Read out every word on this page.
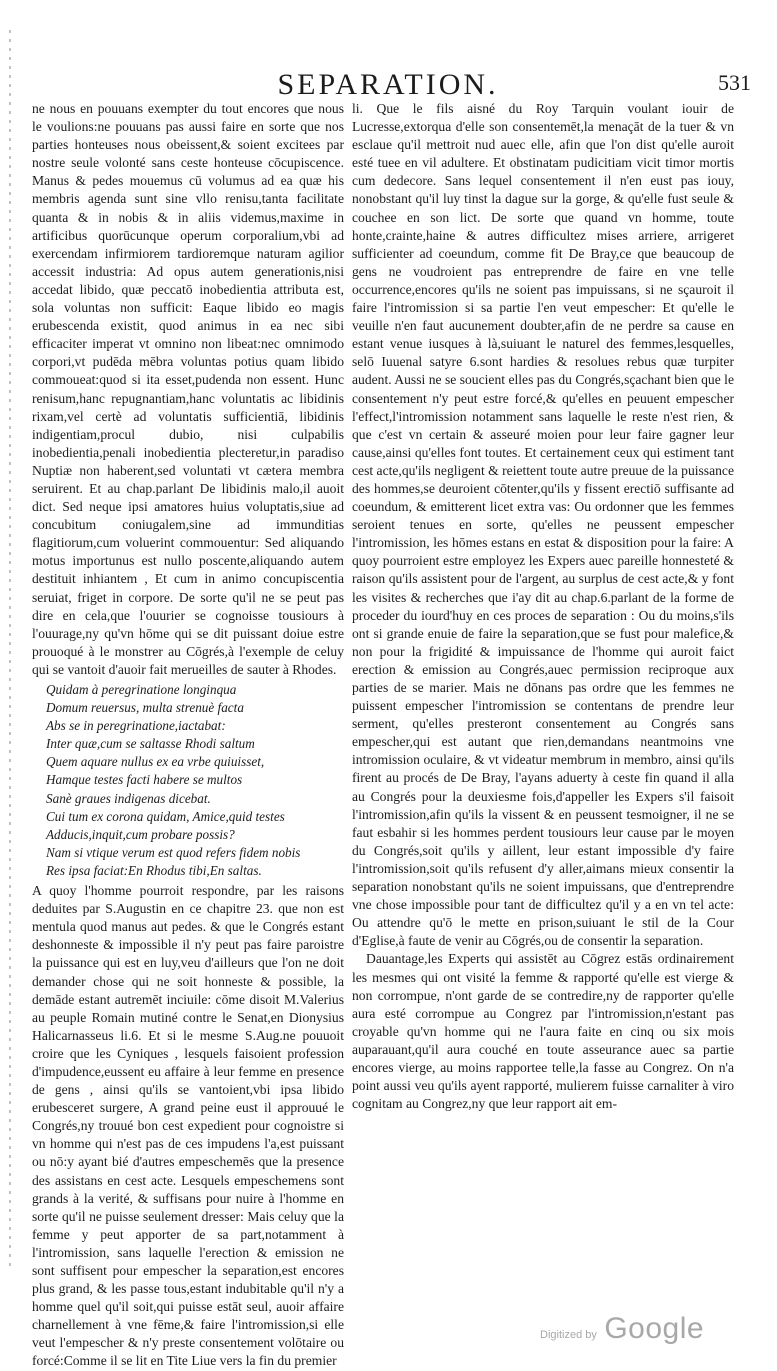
SEPARATION.	531

ne nous en pouuans exempter du tout encores que nous le voulions:ne pouuans pas aussi faire en sorte que nos parties honteuses nous obeissent,& soient excitees par nostre seule volonté sans ceste honteuse cōcupiscence. Manus & pedes mouemus cū volumus ad ea quæ his membris agenda sunt sine vllo renisu,tanta facilitate quanta & in nobis & in aliis videmus,maxime in artificibus quorūcunque operum corporalium,vbi ad exercendam infirmiorem tardioremque naturam agilior accessit industria: Ad opus autem generationis,nisi accedat libido, quæ peccatō inobedientia attributa est, sola voluntas non sufficit: Eaque libido eo magis erubescenda existit, quod animus in ea nec sibi efficaciter imperat vt omnino non libeat:nec omnimodo corpori,vt pudēda mēbra voluntas potius quam libido commoueat:quod si ita esset,pudenda non essent. Hunc renisum,hanc repugnantiam,hanc voluntatis ac libidinis rixam,vel certè ad voluntatis sufficientiā, libidinis indigentiam,procul dubio, nisi culpabilis inobedientia,penali inobedientia plecteretur,in paradiso Nuptiæ non haberent,sed voluntati vt cætera membra seruirent. Et au chap.parlant De libidinis malo,il auoit dict. Sed neque ipsi amatores huius voluptatis,siue ad concubitum coniugalem,sine ad immunditias flagitiorum,cum voluerint commouentur: Sed aliquando motus importunus est nullo poscente,aliquando autem destituit inhiantem , Et cum in animo concupiscentia seruiat, friget in corpore. De sorte qu'il ne se peut pas dire en cela,que l'ouurier se cognoisse tousiours à l'ouurage,ny qu'vn hōme qui se dit puissant doiue estre prouoqué à le monstrer au Cōgrés,à l'exemple de celuy qui se vantoit d'auoir fait merueilles de sauter à Rhodes.

Quidam à peregrinatione longinqua
Domum reuersus, multa strenuè facta
Abs se in peregrinatione,iactabat:
Inter quæ,cum se saltasse Rhodi saltum
Quem aquare nullus ex ea vrbe quiuisset,
Hamque testes facti habere se multos
Sanè graues indigenas dicebat.
Cui tum ex corona quidam, Amice,quid testes
Adducis,inquit,cum probare possis?
Nam si vtique verum est quod refers fidem nobis
Res ipsa faciat:En Rhodus tibi,En saltas.

A quoy l'homme pourroit respondre, par les raisons deduites par S.Augustin en ce chapitre 23. que non est mentula quod manus aut pedes. & que le Congrés estant deshonneste & impossible il n'y peut pas faire paroistre la puissance qui est en luy,veu d'ailleurs que l'on ne doit demander chose qui ne soit honneste & possible, la demāde estant autremēt inciuile: cōme disoit M.Valerius au peuple Romain mutiné contre le Senat,en Dionysius Halicarnasseus li.6. Et si le mesme S.Aug.ne pouuoit croire que les Cyniques , lesquels faisoient profession d'impudence,eussent eu affaire à leur femme en presence de gens , ainsi qu'ils se vantoient,vbi ipsa libido erubesceret surgere, A grand peine eust il approuué le Congrés,ny trouué bon cest expedient pour cognoistre si vn homme qui n'est pas de ces impudens l'a,est puissant ou nō:y ayant bié d'autres empeschemēs que la presence des assistans en cest acte. Lesquels empeschemens sont grands à la verité, & suffisans pour nuire à l'homme en sorte qu'il ne puisse seulement dresser: Mais celuy que la femme y peut apporter de sa part,notamment à l'intromission, sans laquelle l'erection & emission ne sont suffisent pour empescher la separation,est encores plus grand, & les passe tous,estant indubitable qu'il n'y a homme quel qu'il soit,qui puisse estāt seul, auoir affaire charnellement à vne fēme,& faire l'intromission,si elle veut l'empescher & n'y preste consentement volōtaire ou forcé:Comme il se lit en Tite Liue vers la fin du premier

li. Que le fils aisné du Roy Tarquin voulant iouir de Lucresse,extorqua d'elle son consentemēt,la menaçāt de la tuer & vn esclaue qu'il mettroit nud auec elle, afin que l'on dist qu'elle auroit esté tuee en vil adultere. Et obstinatam pudicitiam vicit timor mortis cum dedecore. Sans lequel consentement il n'en eust pas iouy, nonobstant qu'il luy tinst la dague sur la gorge, & qu'elle fust seule & couchee en son lict. De sorte que quand vn homme, toute honte,crainte,haine & autres difficultez mises arriere, arrigeret sufficienter ad coeundum, comme fit De Bray,ce que beaucoup de gens ne voudroient pas entreprendre de faire en vne telle occurrence,encores qu'ils ne soient pas impuissans, si ne sçauroit il faire l'intromission si sa partie l'en veut empescher: Et qu'elle le veuille n'en faut aucunement doubter,afin de ne perdre sa cause en estant venue iusques à là,suiuant le naturel des femmes,lesquelles, selō Iuuenal satyre 6.sont hardies & resolues rebus quæ turpiter audent. Aussi ne se soucient elles pas du Congrés,sçachant bien que le consentement n'y peut estre forcé,& qu'elles en peuuent empescher l'effect,l'intromission notamment sans laquelle le reste n'est rien, & que c'est vn certain & asseuré moien pour leur faire gagner leur cause,ainsi qu'elles font toutes. Et certainement ceux qui estiment tant cest acte,qu'ils negligent & reiettent toute autre preuue de la puissance des hommes,se deuroient cōtenter,qu'ils y fissent erectiō suffisante ad coeundum, & emitterent licet extra vas: Ou ordonner que les femmes seroient tenues en sorte, qu'elles ne peussent empescher l'intromission, les hōmes estans en estat & disposition pour la faire: A quoy pourroient estre employez les Expers auec pareille honnesteté & raison qu'ils assistent pour de l'argent, au surplus de cest acte,& y font les visites & recherches que i'ay dit au chap.6.parlant de la forme de proceder du iourd'huy en ces proces de separation : Ou du moins,s'ils ont si grande enuie de faire la separation,que se fust pour malefice,& non pour la frigidité & impuissance de l'homme qui auroit faict erection & emission au Congrés,auec permission reciproque aux parties de se marier. Mais ne dōnans pas ordre que les femmes ne puissent empescher l'intromission se contentans de prendre leur serment, qu'elles presteront consentement au Congrés sans empescher,qui est autant que rien,demandans neantmoins vne intromission oculaire, & vt videatur membrum in membro, ainsi qu'ils firent au procés de De Bray, l'ayans aduerty à ceste fin quand il alla au Congrés pour la deuxiesme fois,d'appeller les Expers s'il faisoit l'intromission,afin qu'ils la vissent & en peussent tesmoigner, il ne se faut esbahir si les hommes perdent tousiours leur cause par le moyen du Congrés,soit qu'ils y aillent, leur estant impossible d'y faire l'intromission,soit qu'ils refusent d'y aller,aimans mieux consentir la separation nonobstant qu'ils ne soient impuissans, que d'entreprendre vne chose impossible pour tant de difficultez qu'il y a en vn tel acte: Ou attendre qu'ō le mette en prison,suiuant le stil de la Cour d'Eglise,à faute de venir au Cōgrés,ou de consentir la separation.

Dauantage,les Experts qui assistēt au Cōgrez estās ordinairement les mesmes qui ont visité la femme & rapporté qu'elle est vierge & non corrompue, n'ont garde de se contredire,ny de rapporter qu'elle aura esté corrompue au Congrez par l'intromission,n'estant pas croyable qu'vn homme qui ne l'aura faite en cinq ou six mois auparauant,qu'il aura couché en toute asseurance auec sa partie encores vierge, au moins rapportee telle,la fasse au Congrez. On n'a point aussi veu qu'ils ayent rapporté, mulierem fuisse carnaliter à viro cognitam au Congrez,ny que leur rapport ait em-

Digitized by Google
